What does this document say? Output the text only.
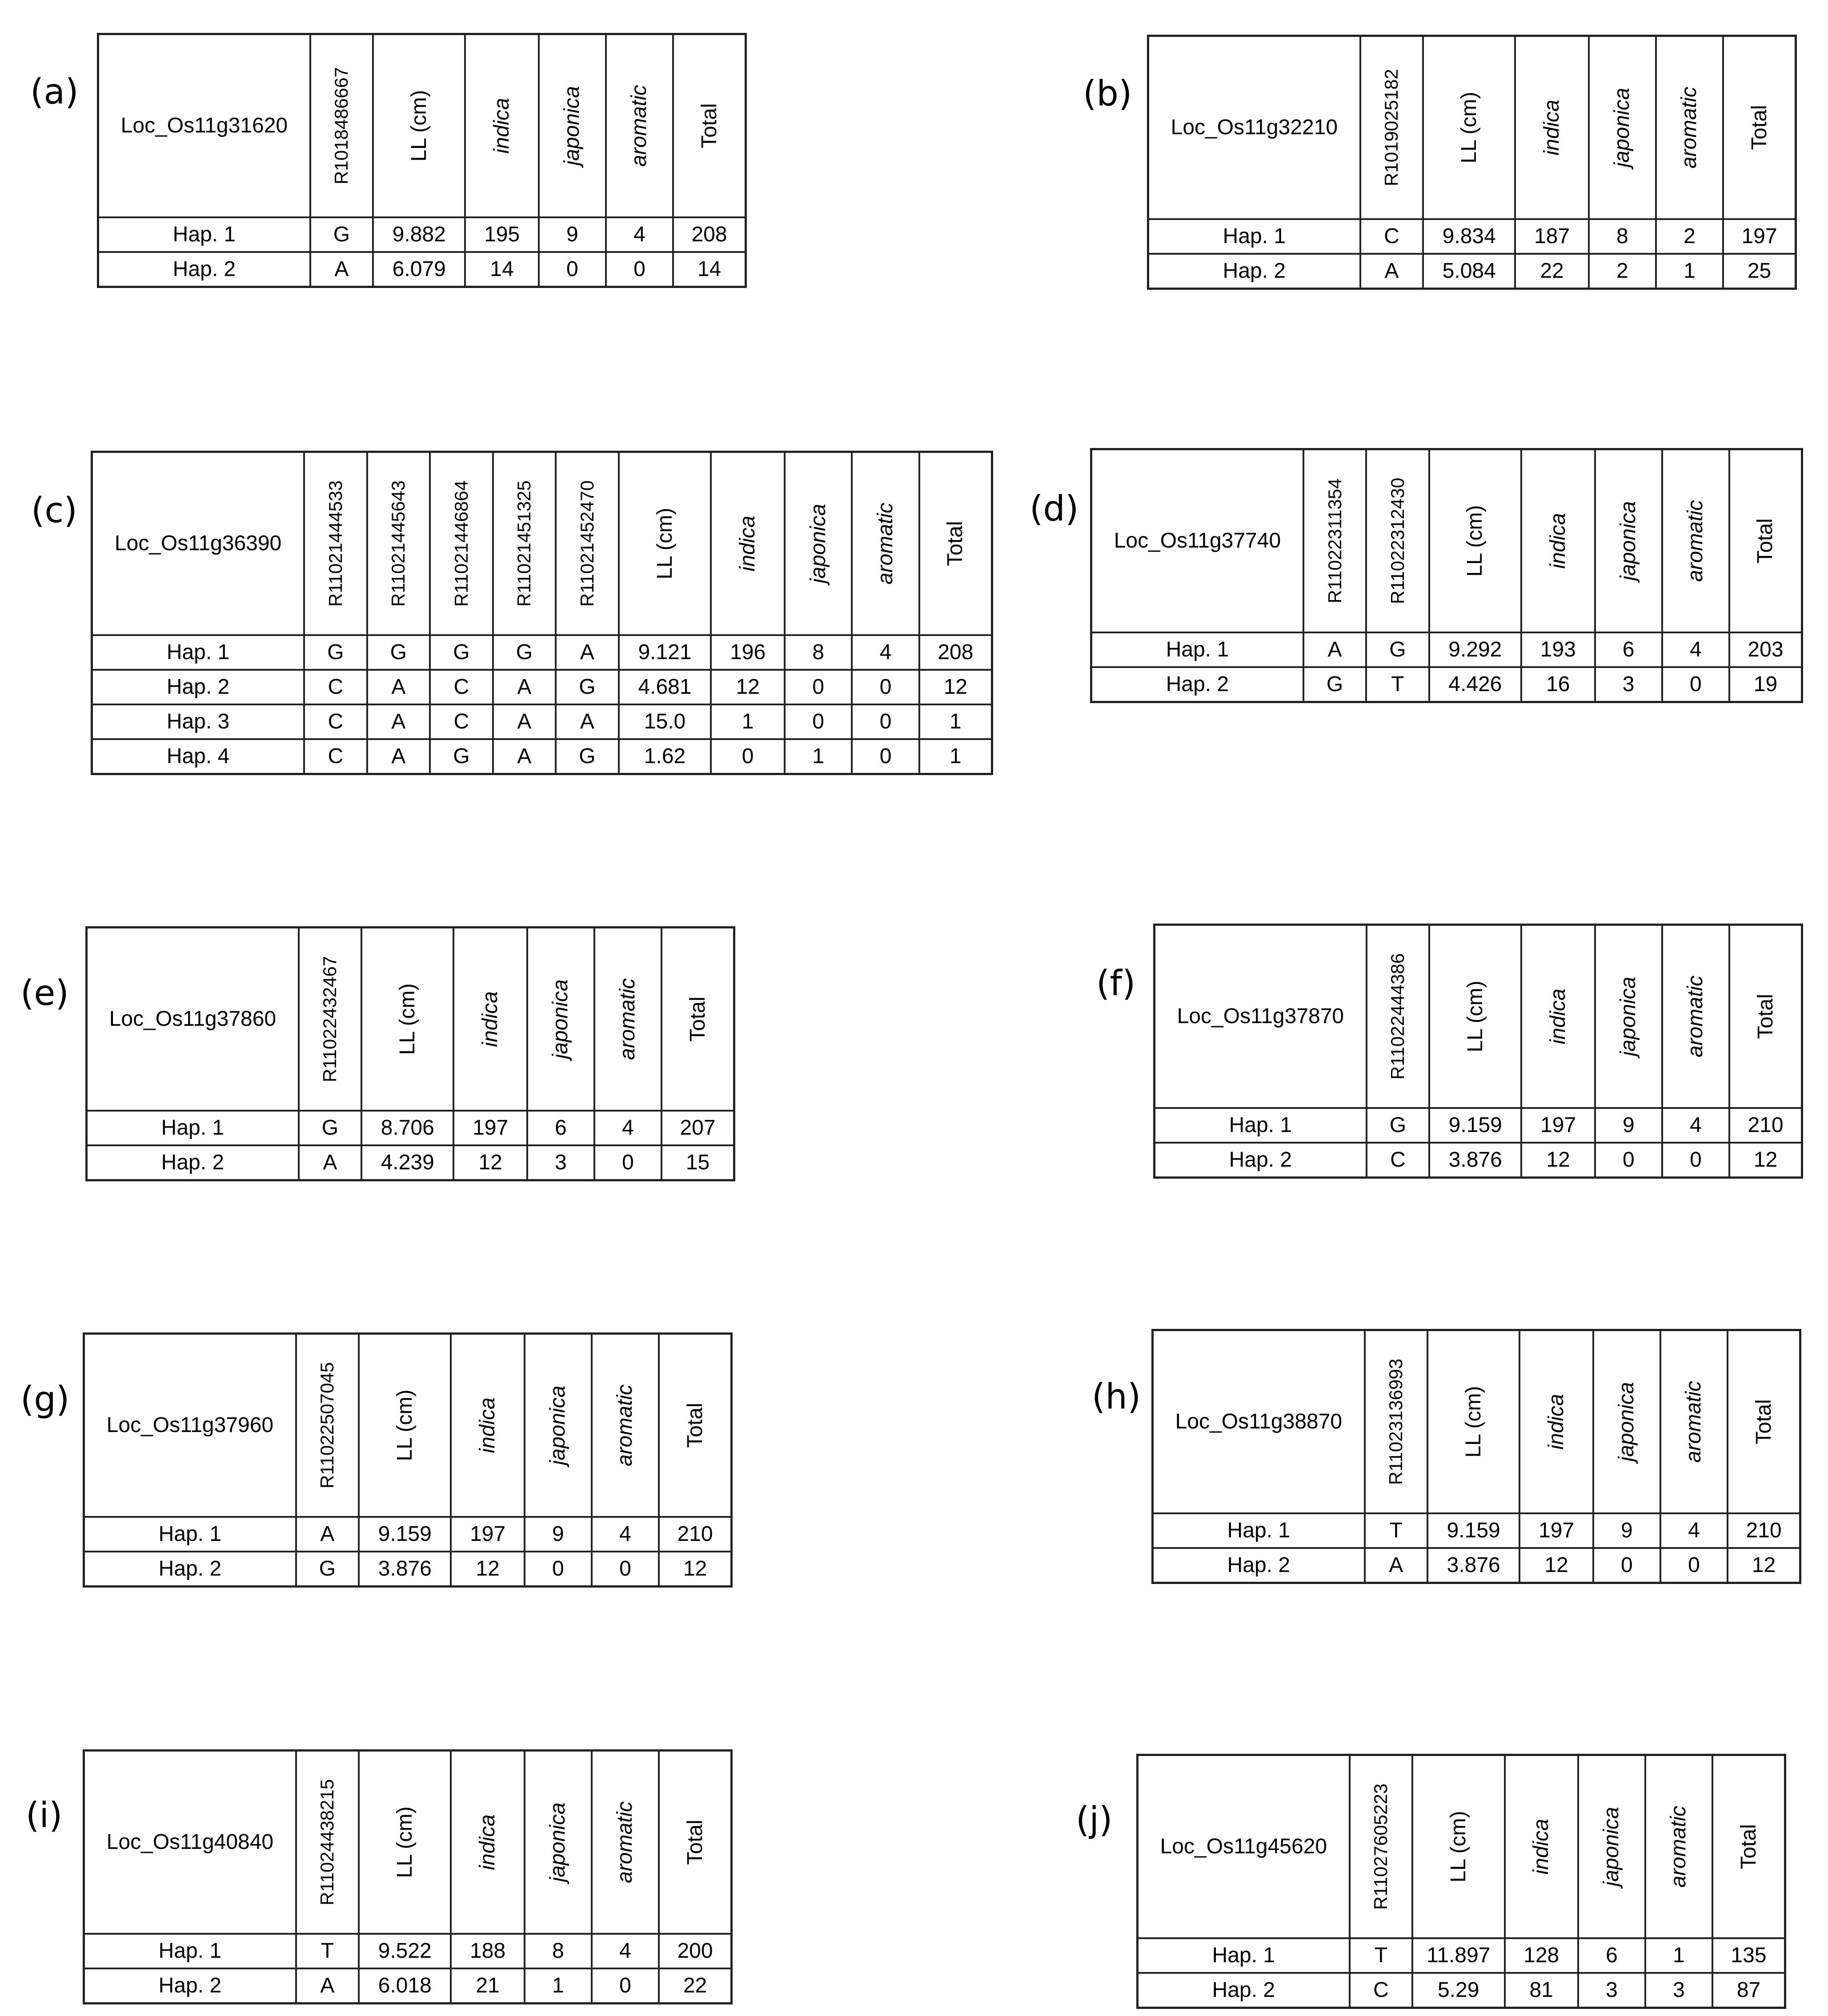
(a)
Loc_Os11g31620	R1018486667	LL (cm)	indica	japonica	aromatic	Total

Hap. 1	G	9.882	195	9	4	208
Hap. 2	A	6.079	14	0	0	14
(b)
Loc_Os11g32210	R1019025182	LL (cm)	indica	japonica	aromatic	Total

Hap. 1	C	9.834	187	8	2	197
Hap. 2	A	5.084	22	2	1	25
(c)
Loc_Os11g36390	R11021444533	R11021445643	R11021446864	R11021451325	R11021452470	LL (cm)	indica	japonica	aromatic	Total

Hap. 1	G	G	G	G	A	9.121	196	8	4	208
Hap. 2	C	A	C	A	G	4.681	12	0	0	12
Hap. 3	C	A	C	A	A	15.0	1	0	0	1
Hap. 4	C	A	G	A	G	1.62	0	1	0	1
(d)
Loc_Os11g37740	R11022311354	R11022312430	LL (cm)	indica	japonica	aromatic	Total

Hap. 1	A	G	9.292	193	6	4	203
Hap. 2	G	T	4.426	16	3	0	19
(e)
Loc_Os11g37860	R11022432467	LL (cm)	indica	japonica	aromatic	Total

Hap. 1	G	8.706	197	6	4	207
Hap. 2	A	4.239	12	3	0	15
(f)
Loc_Os11g37870	R11022444386	LL (cm)	indica	japonica	aromatic	Total

Hap. 1	G	9.159	197	9	4	210
Hap. 2	C	3.876	12	0	0	12
(g)
Loc_Os11g37960	R11022507045	LL (cm)	indica	japonica	aromatic	Total

Hap. 1	A	9.159	197	9	4	210
Hap. 2	G	3.876	12	0	0	12
(h)
Loc_Os11g38870	R11023136993	LL (cm)	indica	japonica	aromatic	Total

Hap. 1	T	9.159	197	9	4	210
Hap. 2	A	3.876	12	0	0	12
(i)
Loc_Os11g40840	R11024438215	LL (cm)	indica	japonica	aromatic	Total

Hap. 1	T	9.522	188	8	4	200
Hap. 2	A	6.018	21	1	0	22
(j)
Loc_Os11g45620	R11027605223	LL (cm)	indica	japonica	aromatic	Total

Hap. 1	T	11.897	128	6	1	135
Hap. 2	C	5.29	81	3	3	87
